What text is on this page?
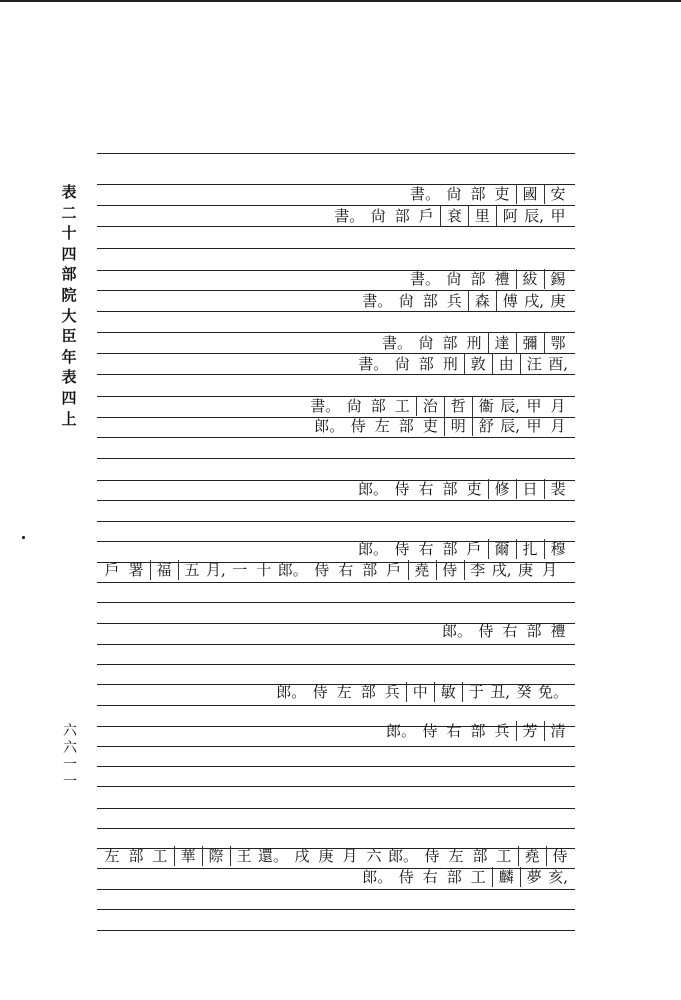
表二十四 部院大臣年表四上
六六一一
書。 尙 部 吏 國 安
書。 尙 部 戶 袞 里 阿 辰, 甲
書。 尙 部 禮 紱 錫
書。 尙 部 兵 森 傅 戌, 庚
書。 尙 部 刑 達 彌 鄂
書。 尙 部 刑 敦 由 汪 酉,
書。 尙 部 工 治 哲 衞 辰, 甲 月
郎。 侍 左 部 吏 明 舒 辰, 甲 月
郎。 侍 右 部 吏 修 日 裴
郎。 侍 右 部 戶 爾 扎 穆
戶 署 福 五 月, 一 十 郎。 侍 右 部 戶 堯 侍 李 戌, 庚 月
郎。 侍 右 部 禮
郎。 侍 左 部 兵 中 敏 于 丑, 癸 免。
郎。 侍 右 部 兵 芳 清
左 部 工 華 際 王 還。 戌 庚 月 六 郎。 侍 左 部 工 堯 侍
郎。 侍 右 部 工 麟 夢 亥,
